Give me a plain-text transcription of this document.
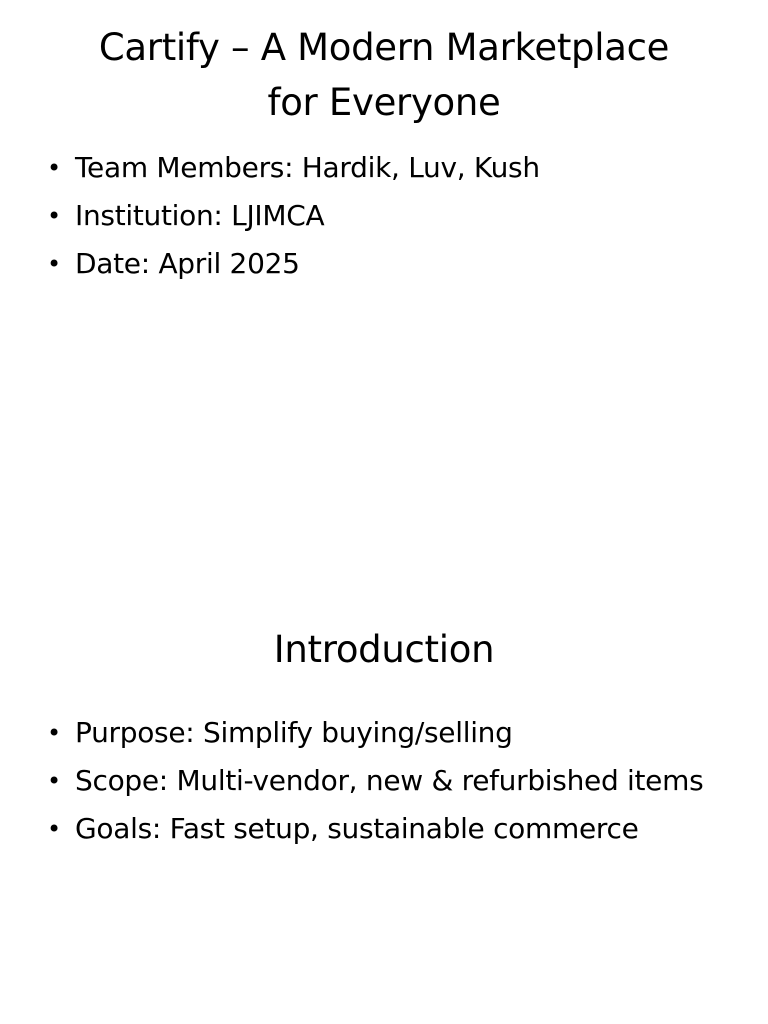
Cartify – A Modern Marketplace
for Everyone
• Team Members: Hardik, Luv, Kush
• Institution: LJIMCA
• Date: April 2025
Introduction
• Purpose: Simplify buying/selling
• Scope: Multi-vendor, new & refurbished items
• Goals: Fast setup, sustainable commerce
